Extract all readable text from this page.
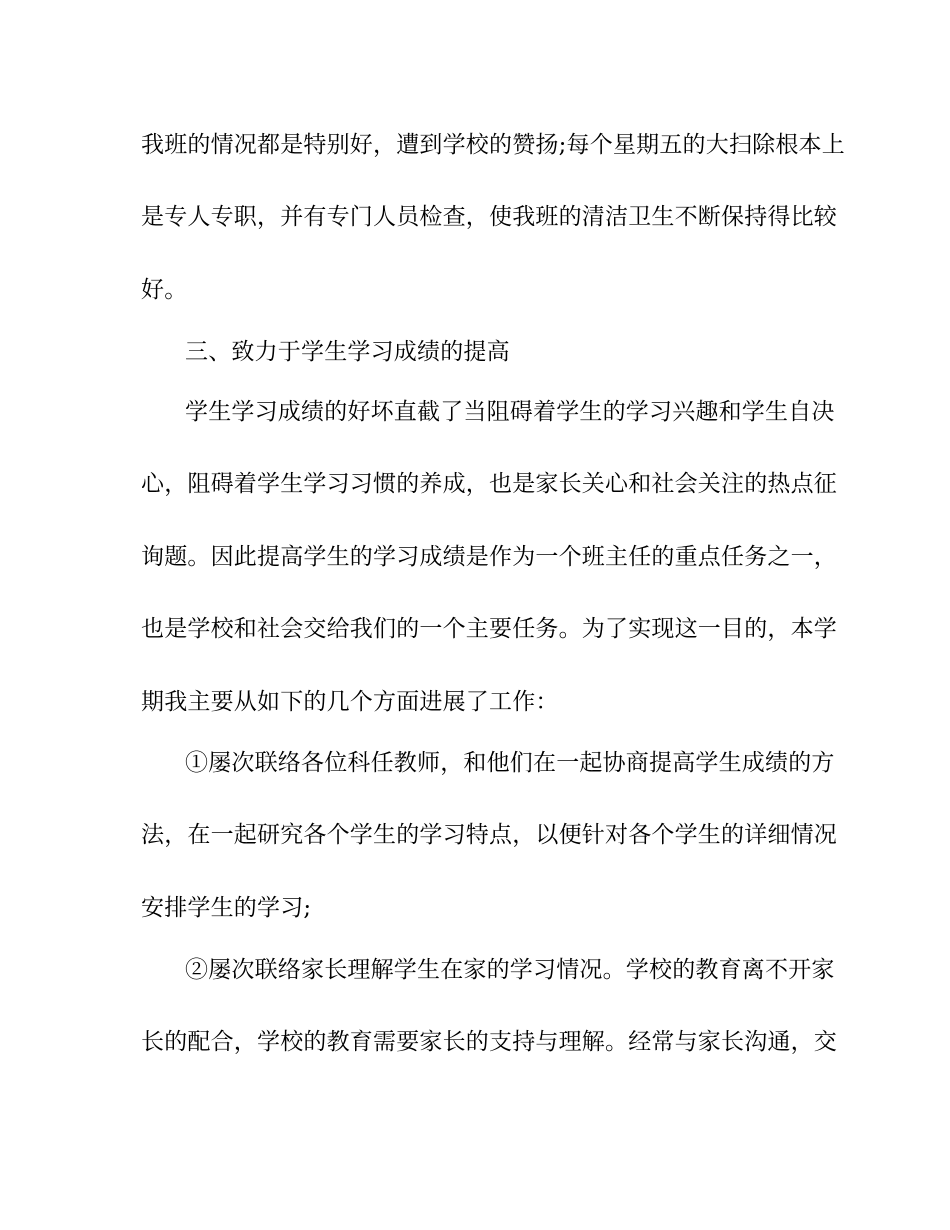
我班的情况都是特别好，遭到学校的赞扬;每个星期五的大扫除根本上
是专人专职，并有专门人员检查，使我班的清洁卫生不断保持得比较
好。
三、致力于学生学习成绩的提高
学生学习成绩的好坏直截了当阻碍着学生的学习兴趣和学生自决
心，阻碍着学生学习习惯的养成，也是家长关心和社会关注的热点征
询题。因此提高学生的学习成绩是作为一个班主任的重点任务之一，
也是学校和社会交给我们的一个主要任务。为了实现这一目的，本学
期我主要从如下的几个方面进展了工作：
①屡次联络各位科任教师，和他们在一起协商提高学生成绩的方
法，在一起研究各个学生的学习特点，以便针对各个学生的详细情况
安排学生的学习;
②屡次联络家长理解学生在家的学习情况。学校的教育离不开家
长的配合，学校的教育需要家长的支持与理解。经常与家长沟通，交
